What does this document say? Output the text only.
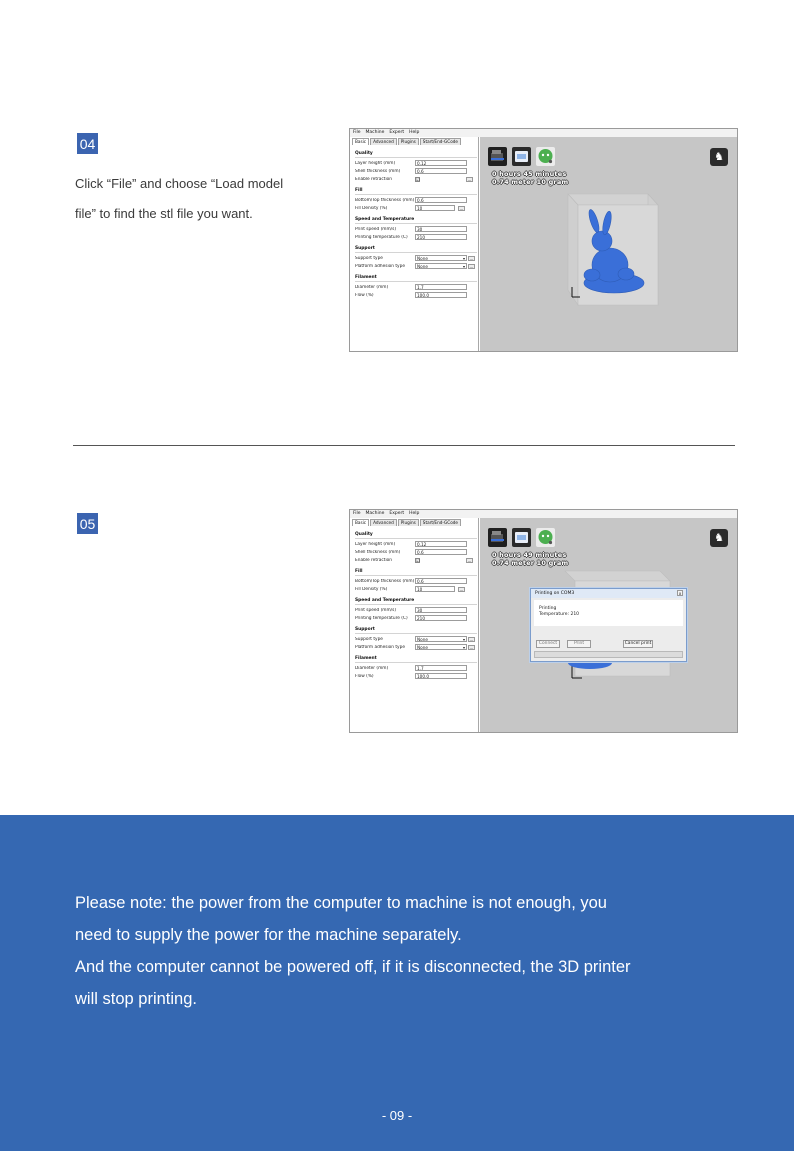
04
Click “File” and choose “Load model
file” to find the stl file you want.
File Machine Expert Help
Basic	Advanced	Plugins	Start/End-GCode
Quality
Layer height (mm)	0.12
Shell thickness (mm)	0.6
Enable retraction	☑	...
Fill
Bottom/Top thickness (mm) 0.6
Fill Density (%)	10	...
Speed and Temperature
Print speed (mm/s)	30
Printing temperature (C)	210
Support
Support type	None ▾	...
Platform adhesion type	None ▾	...
Filament
Diameter (mm)	1.7
Flow (%)	100.0
0 hours 45 minutes
0.74 meter 10 gram
♞
05
File Machine Expert Help
Basic	Advanced	Plugins	Start/End-GCode
Quality
Layer height (mm)	0.12
Shell thickness (mm)	0.6
Enable retraction	☑	...
Fill
Bottom/Top thickness (mm) 0.6
Fill Density (%)	10	...
Speed and Temperature
Print speed (mm/s)	30
Printing temperature (C)	210
Support
Support type	None ▾	...
Platform adhesion type	None ▾	...
Filament
Diameter (mm)	1.7
Flow (%)	100.0
0 hours 49 minutes
0.74 meter 10 gram
♞
Printing on COM3	x
Printing
Temperature: 210
Connect	Print	Cancel print
Please note: the power from the computer to machine is not enough, you
need to supply the power for the machine separately.
And the computer cannot be powered off, if it is disconnected, the 3D printer
will stop printing.
- 09 -
